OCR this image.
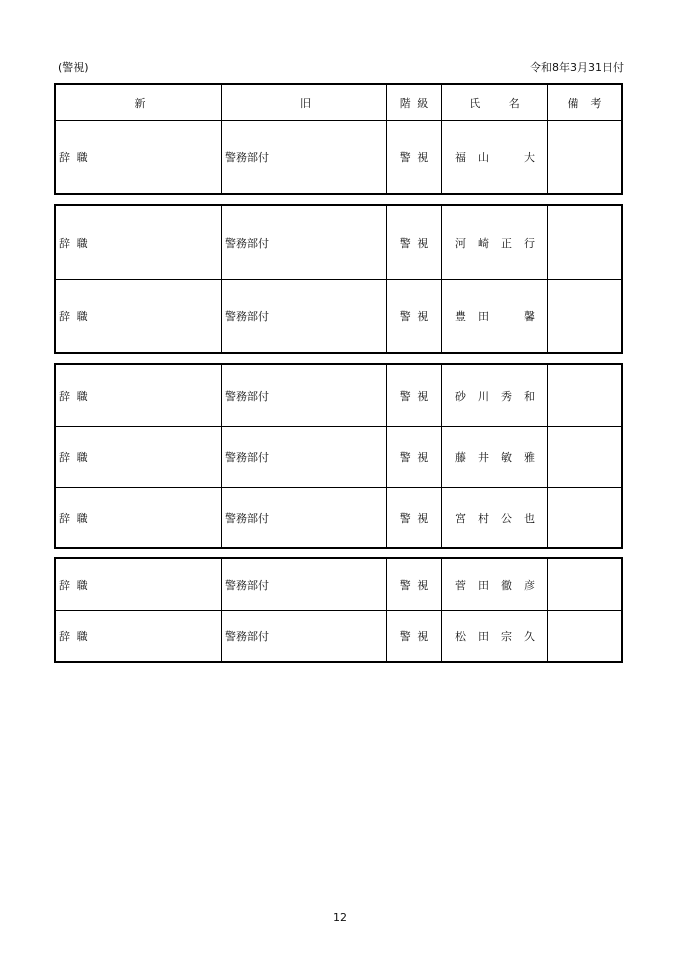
(警視)	令和8年3月31日付
新	旧	階級	氏名 備考
辞職	警務部付	警視 福山　大
辞職	警務部付	警視 河崎正行
辞職	警務部付	警視 豊田　馨
辞職	警務部付	警視 砂川秀和
辞職	警務部付	警視 藤井敏雅
辞職	警務部付	警視 宮村公也
辞職	警務部付	警視 菅田徹彦
辞職	警務部付	警視 松田宗久
12
